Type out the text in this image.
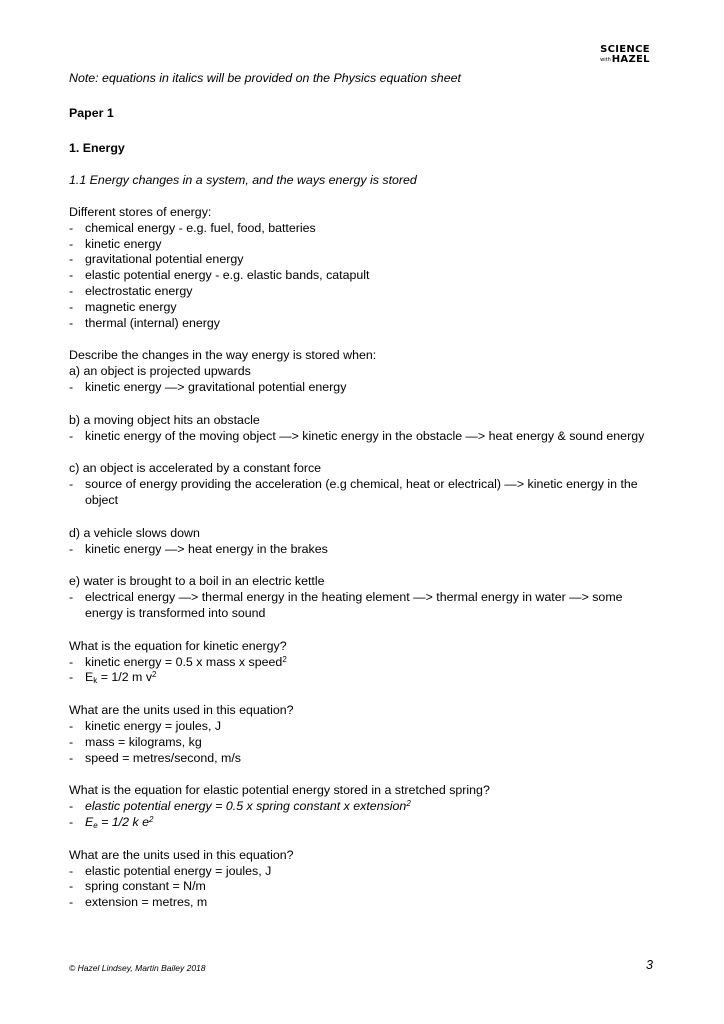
SCIENCE
with HAZEL
Note: equations in italics will be provided on the Physics equation sheet
Paper 1
1. Energy
1.1 Energy changes in a system, and the ways energy is stored
Different stores of energy:
- chemical energy - e.g. fuel, food, batteries
- kinetic energy
- gravitational potential energy
- elastic potential energy - e.g. elastic bands, catapult
- electrostatic energy
- magnetic energy
- thermal (internal) energy
Describe the changes in the way energy is stored when:
a) an object is projected upwards
- kinetic energy —> gravitational potential energy
b) a moving object hits an obstacle
- kinetic energy of the moving object —> kinetic energy in the obstacle —> heat energy & sound energy
c) an object is accelerated by a constant force
- source of energy providing the acceleration (e.g chemical, heat or electrical) —> kinetic energy in the object
d) a vehicle slows down
- kinetic energy —> heat energy in the brakes
e) water is brought to a boil in an electric kettle
- electrical energy —> thermal energy in the heating element —> thermal energy in water —> some energy is transformed into sound
What is the equation for kinetic energy?
- kinetic energy = 0.5 x mass x speed$^2$
- $E_k = 1/2$ m $v^2$
What are the units used in this equation?
- kinetic energy = joules, J
- mass = kilograms, kg
- speed = metres/second, m/s
What is the equation for elastic potential energy stored in a stretched spring?
- elastic potential energy = 0.5 x spring constant x extension$^2$
- $E_e = 1/2$ k $e^2$
What are the units used in this equation?
- elastic potential energy = joules, J
- spring constant = N/m
- extension = metres, m
© Hazel Lindsey, Martin Bailey 2018	3
